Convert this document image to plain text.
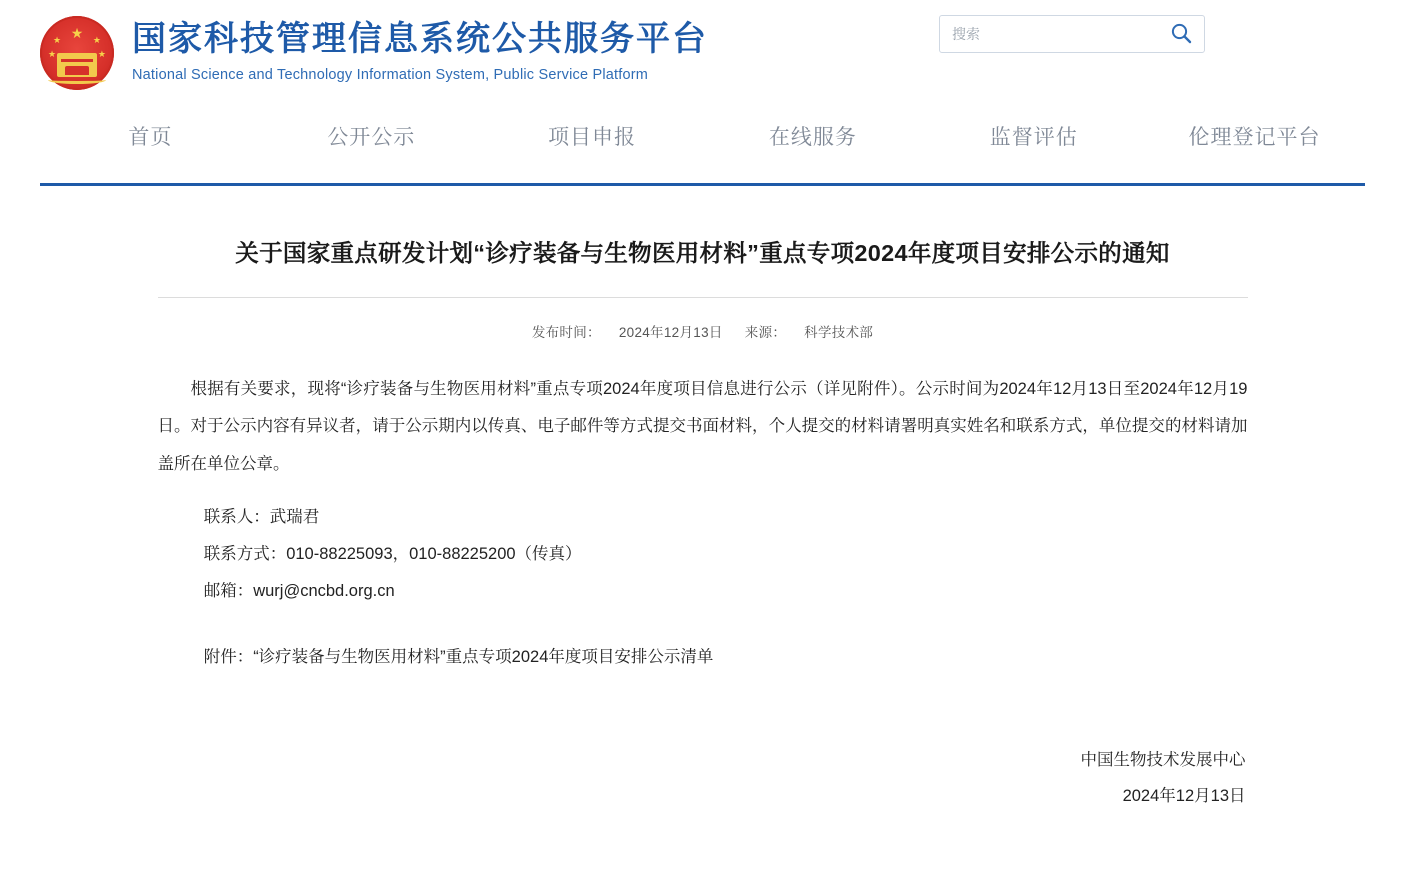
★
★	★
★	★ 国家科技管理信息系统公共服务平台
National Science and Technology Information System, Public Service Platform
搜索
首页	公开公示	项目申报	在线服务	监督评估	伦理登记平台
关于国家重点研发计划“诊疗装备与生物医用材料”重点专项2024年度项目安排公示的通知
发布时间： 2024年12月13日 来源： 科学技术部

根据有关要求，现将“诊疗装备与生物医用材料”重点专项2024年度项目信息进行公示（详见附件）。公示时间为2024年12月13日至2024年12月19日。对于公示内容有异议者，请于公示期内以传真、电子邮件等方式提交书面材料，个人提交的材料请署明真实姓名和联系方式，单位提交的材料请加盖所在单位公章。

联系人：武瑞君
联系方式：010-88225093，010-88225200（传真）
邮箱：wurj@cncbd.org.cn
附件：“诊疗装备与生物医用材料”重点专项2024年度项目安排公示清单
中国生物技术发展中心
2024年12月13日
